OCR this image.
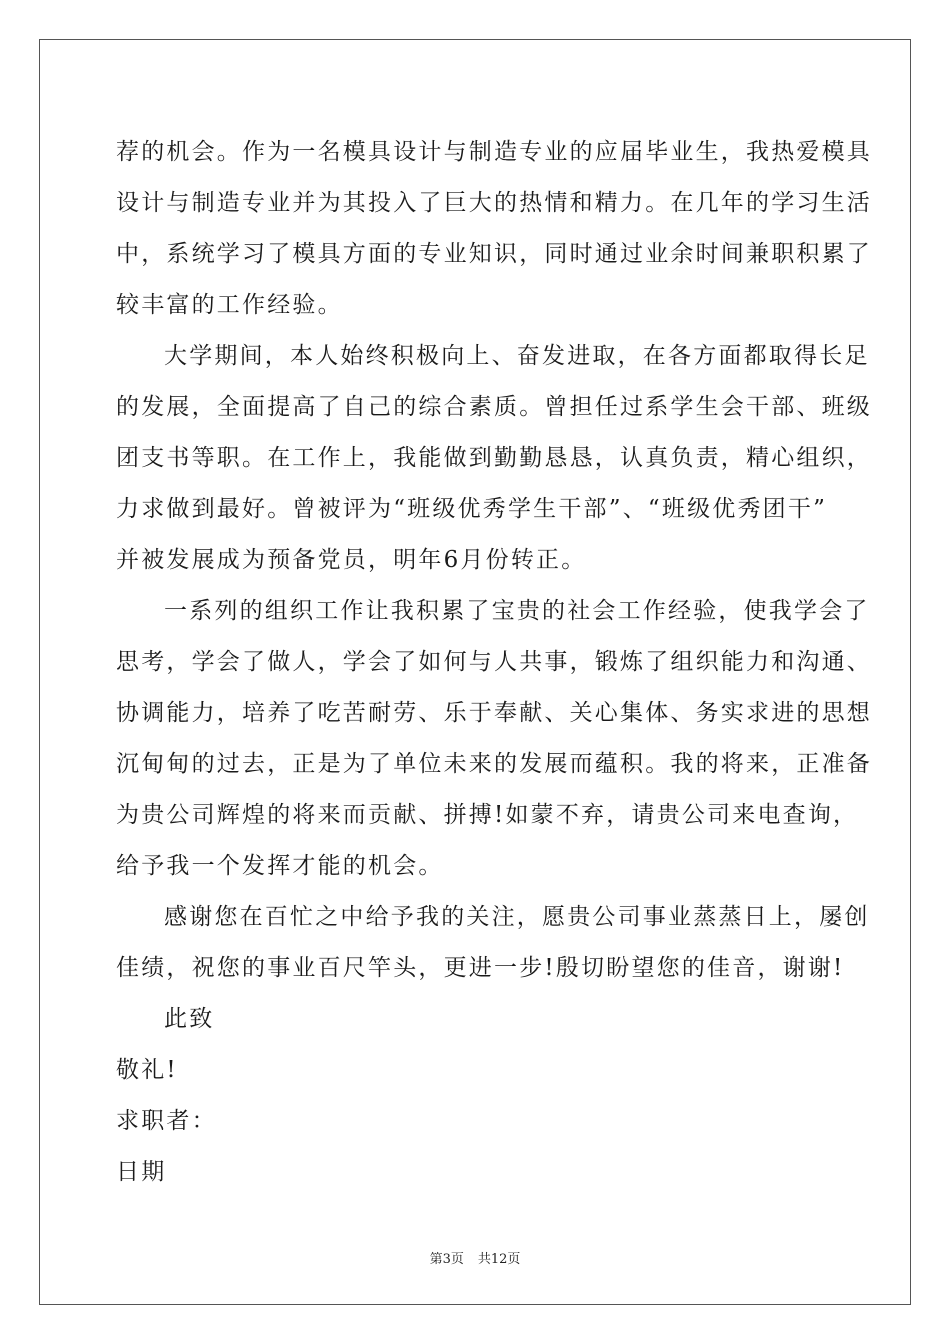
荐的机会。作为一名模具设计与制造专业的应届毕业生，我热爱模具
设计与制造专业并为其投入了巨大的热情和精力。在几年的学习生活
中，系统学习了模具方面的专业知识，同时通过业余时间兼职积累了
较丰富的工作经验。
大学期间，本人始终积极向上、奋发进取，在各方面都取得长足
的发展，全面提高了自己的综合素质。曾担任过系学生会干部、班级
团支书等职。在工作上，我能做到勤勤恳恳，认真负责，精心组织，
力求做到最好。曾被评为“班级优秀学生干部”、“班级优秀团干”
并被发展成为预备党员，明年6月份转正。
一系列的组织工作让我积累了宝贵的社会工作经验，使我学会了
思考，学会了做人，学会了如何与人共事，锻炼了组织能力和沟通、
协调能力，培养了吃苦耐劳、乐于奉献、关心集体、务实求进的思想
沉甸甸的过去，正是为了单位未来的发展而蕴积。我的将来，正准备
为贵公司辉煌的将来而贡献、拼搏!如蒙不弃，请贵公司来电查询，
给予我一个发挥才能的机会。
感谢您在百忙之中给予我的关注，愿贵公司事业蒸蒸日上，屡创
佳绩，祝您的事业百尺竿头，更进一步!殷切盼望您的佳音，谢谢!
此致
敬礼!
求职者：
日期
第3页 共12页
